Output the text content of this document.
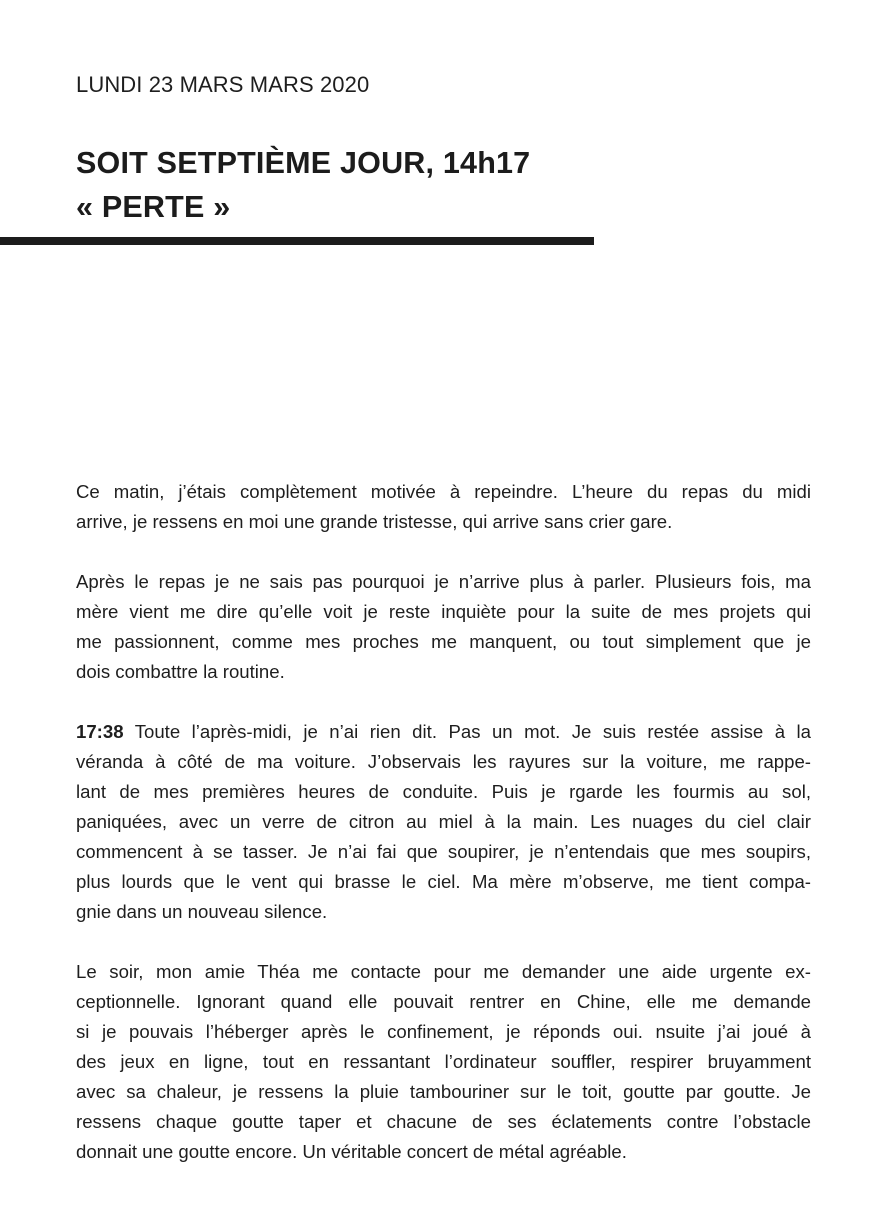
LUNDI 23 MARS MARS 2020
SOIT SETPTIÈME JOUR, 14h17
« PERTE »

Ce matin, j’étais complètement motivée à repeindre. L’heure du repas du midi
arrive, je ressens en moi une grande tristesse, qui arrive sans crier gare.

Après le repas je ne sais pas pourquoi je n’arrive plus à parler. Plusieurs fois, ma
mère vient me dire qu’elle voit je reste inquiète pour la suite de mes projets qui
me passionnent, comme mes proches me manquent, ou tout simplement que je
dois combattre la routine.

17:38 Toute l’après-midi, je n’ai rien dit. Pas un mot. Je suis restée assise à la
véranda à côté de ma voiture. J’observais les rayures sur la voiture, me rappe-
lant de mes premières heures de conduite. Puis je rgarde les fourmis au sol,
paniquées, avec un verre de citron au miel à la main. Les nuages du ciel clair
commencent à se tasser. Je n’ai fai que soupirer, je n’entendais que mes soupirs,
plus lourds que le vent qui brasse le ciel. Ma mère m’observe, me tient compa-
gnie dans un nouveau silence.

Le soir, mon amie Théa me contacte pour me demander une aide urgente ex-
ceptionnelle. Ignorant quand elle pouvait rentrer en Chine, elle me demande
si je pouvais l’héberger après le confinement, je réponds oui. nsuite j’ai joué à
des jeux en ligne, tout en ressantant l’ordinateur souffler, respirer bruyamment
avec sa chaleur, je ressens la pluie tambouriner sur le toit, goutte par goutte. Je
ressens chaque goutte taper et chacune de ses éclatements contre l’obstacle
donnait une goutte encore. Un véritable concert de métal agréable.
